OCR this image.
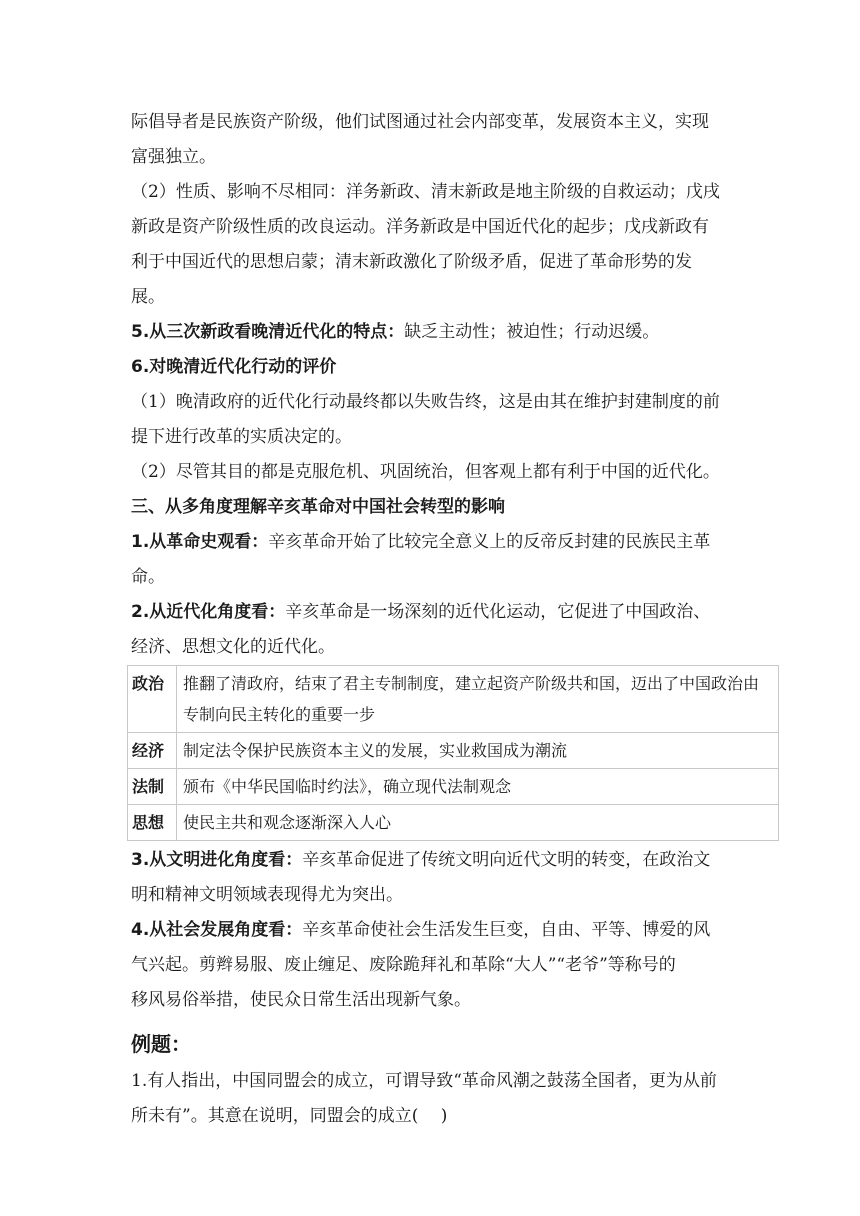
际倡导者是民族资产阶级，他们试图通过社会内部变革，发展资本主义，实现
富强独立。
（2）性质、影响不尽相同：洋务新政、清末新政是地主阶级的自救运动；戊戌
新政是资产阶级性质的改良运动。洋务新政是中国近代化的起步；戊戌新政有
利于中国近代的思想启蒙；清末新政激化了阶级矛盾，促进了革命形势的发
展。
5.从三次新政看晚清近代化的特点：缺乏主动性；被迫性；行动迟缓。
6.对晚清近代化行动的评价
（1）晚清政府的近代化行动最终都以失败告终，这是由其在维护封建制度的前
提下进行改革的实质决定的。
（2）尽管其目的都是克服危机、巩固统治，但客观上都有利于中国的近代化。
三、从多角度理解辛亥革命对中国社会转型的影响
1.从革命史观看：辛亥革命开始了比较完全意义上的反帝反封建的民族民主革
命。
2.从近代化角度看：辛亥革命是一场深刻的近代化运动，它促进了中国政治、
经济、思想文化的近代化。
政治	推翻了清政府，结束了君主专制制度，建立起资产阶级共和国，迈出了中国政治由专制向民主转化的重要一步
经济	制定法令保护民族资本主义的发展，实业救国成为潮流
法制	颁布《中华民国临时约法》，确立现代法制观念
思想	使民主共和观念逐渐深入人心
3.从文明进化角度看：辛亥革命促进了传统文明向近代文明的转变，在政治文
明和精神文明领域表现得尤为突出。
4.从社会发展角度看：辛亥革命使社会生活发生巨变，自由、平等、博爱的风
气兴起。剪辫易服、废止缠足、废除跪拜礼和革除“大人”“老爷”等称号的
移风易俗举措，使民众日常生活出现新气象。
例题：
1.有人指出，中国同盟会的成立，可谓导致“革命风潮之鼓荡全国者，更为从前
所未有”。其意在说明，同盟会的成立(　 )
